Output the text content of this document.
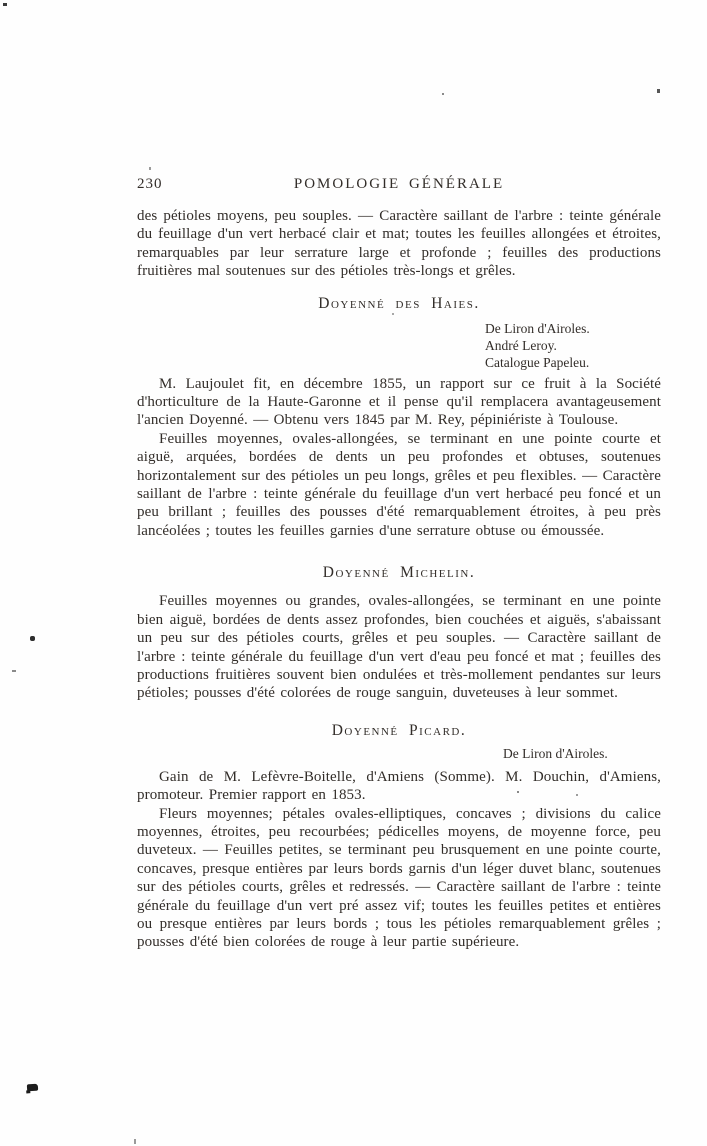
230	POMOLOGIE GÉNÉRALE

des pétioles moyens, peu souples. — Caractère saillant de l'arbre : teinte générale du feuillage d'un vert herbacé clair et mat; toutes les feuilles allongées et étroites, remarquables par leur serrature large et profonde ; feuilles des productions fruitières mal soutenues sur des pétioles très-longs et grêles.

Doyenné des Haies.
De Liron d'Airoles.
André Leroy.
Catalogue Papeleu.

M. Laujoulet fit, en décembre 1855, un rapport sur ce fruit à la Société d'horticulture de la Haute-Garonne et il pense qu'il remplacera avantageusement l'ancien Doyenné. — Obtenu vers 1845 par M. Rey, pépiniériste à Toulouse.

Feuilles moyennes, ovales-allongées, se terminant en une pointe courte et aiguë, arquées, bordées de dents un peu profondes et obtuses, soutenues horizontalement sur des pétioles un peu longs, grêles et peu flexibles. — Caractère saillant de l'arbre : teinte générale du feuillage d'un vert herbacé peu foncé et un peu brillant ; feuilles des pousses d'été remarquablement étroites, à peu près lancéolées ; toutes les feuilles garnies d'une serrature obtuse ou émoussée.

Doyenné Michelin.

Feuilles moyennes ou grandes, ovales-allongées, se terminant en une pointe bien aiguë, bordées de dents assez profondes, bien couchées et aiguës, s'abaissant un peu sur des pétioles courts, grêles et peu souples. — Caractère saillant de l'arbre : teinte générale du feuillage d'un vert d'eau peu foncé et mat ; feuilles des productions fruitières souvent bien ondulées et très-mollement pendantes sur leurs pétioles; pousses d'été colorées de rouge sanguin, duveteuses à leur sommet.

Doyenné Picard.
De Liron d'Airoles.

Gain de M. Lefèvre-Boitelle, d'Amiens (Somme). M. Douchin, d'Amiens, promoteur. Premier rapport en 1853.

Fleurs moyennes; pétales ovales-elliptiques, concaves ; divisions du calice moyennes, étroites, peu recourbées; pédicelles moyens, de moyenne force, peu duveteux. — Feuilles petites, se terminant peu brusquement en une pointe courte, concaves, presque entières par leurs bords garnis d'un léger duvet blanc, soutenues sur des pétioles courts, grêles et redressés. — Caractère saillant de l'arbre : teinte générale du feuillage d'un vert pré assez vif; toutes les feuilles petites et entières ou presque entières par leurs bords ; tous les pétioles remarquablement grêles ; pousses d'été bien colorées de rouge à leur partie supérieure.
